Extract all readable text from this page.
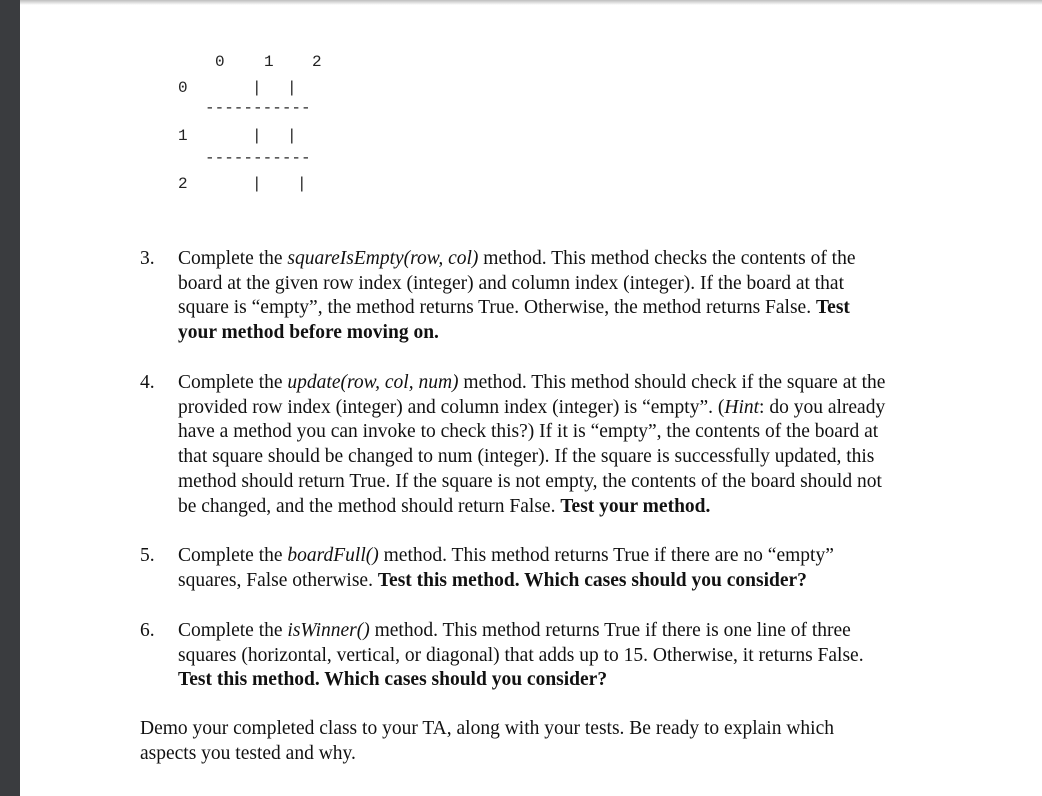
0 1 2
0	| |
-----------
1	| |
-----------
2	| |
3. Complete the squareIsEmpty(row, col) method. This method checks the contents of the
board at the given row index (integer) and column index (integer). If the board at that
square is “empty”, the method returns True. Otherwise, the method returns False. Test
your method before moving on.
4. Complete the update(row, col, num) method. This method should check if the square at the
provided row index (integer) and column index (integer) is “empty”. (Hint: do you already
have a method you can invoke to check this?) If it is “empty”, the contents of the board at
that square should be changed to num (integer). If the square is successfully updated, this
method should return True. If the square is not empty, the contents of the board should not
be changed, and the method should return False. Test your method.
5. Complete the boardFull() method. This method returns True if there are no “empty”
squares, False otherwise. Test this method. Which cases should you consider?
6. Complete the isWinner() method. This method returns True if there is one line of three
squares (horizontal, vertical, or diagonal) that adds up to 15. Otherwise, it returns False.
Test this method. Which cases should you consider?
Demo your completed class to your TA, along with your tests. Be ready to explain which
aspects you tested and why.
